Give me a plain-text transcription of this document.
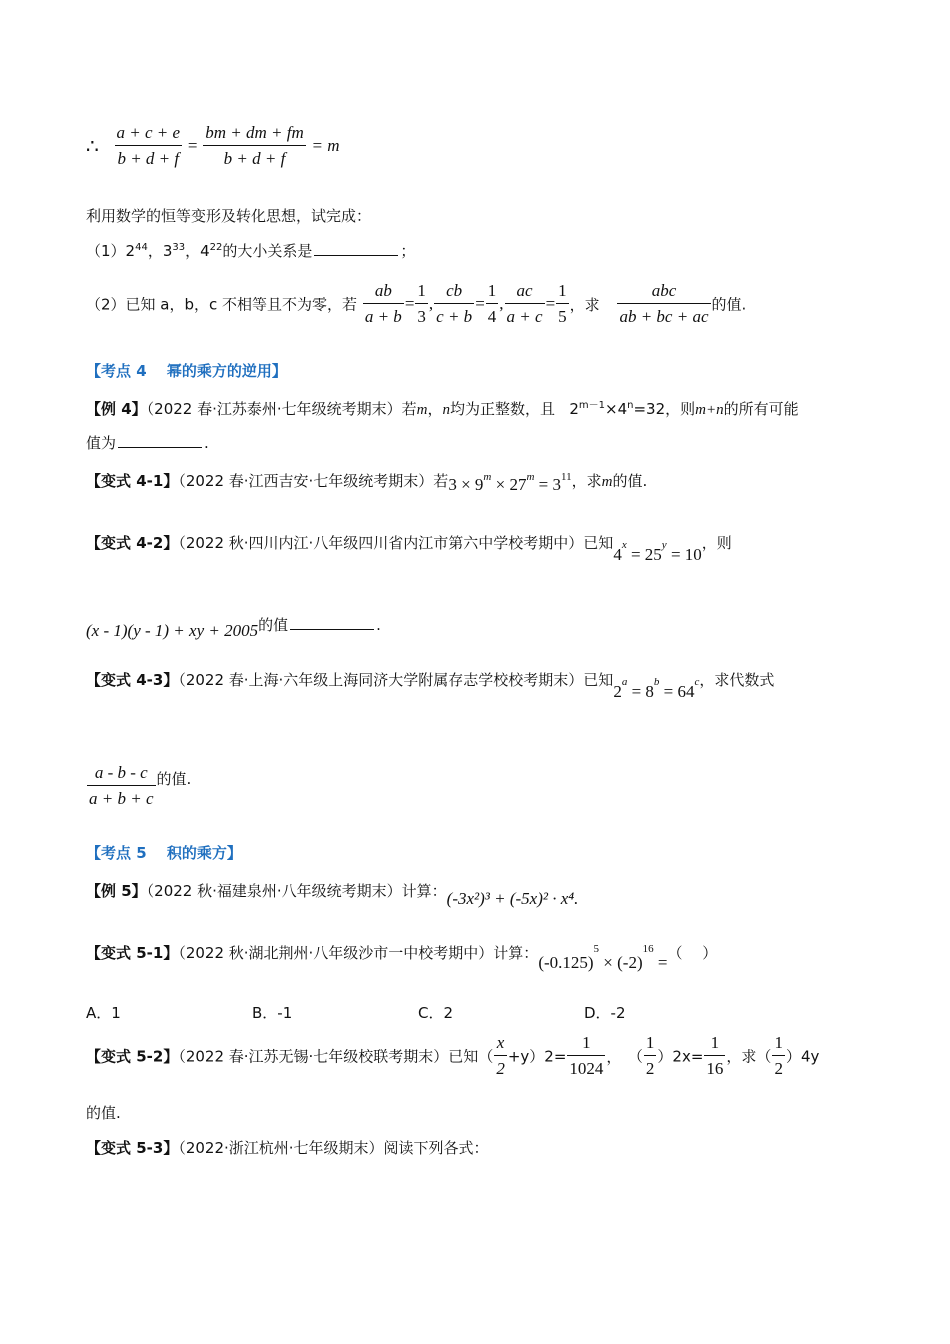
∴ $\frac{a + c + e}{b + d + f} = \frac{bm + dm + fm}{b + d + f} = m$
利用数学的恒等变形及转化思想，试完成：
$(1)2^{44}$，$3^{33}$，$4^{22}$的大小关系是	；
（2）已知 a，b，c 不相等且不为零，若 $\frac{ab}{a + b} = \frac{1}{3}$ , $\frac{cb}{c + b} = \frac{1}{4}$ , $\frac{ac}{a + c} = \frac{1}{5}$ ，求 $\frac{\text{abc}}{ab + bc + ac}$ 的值.
【考点 4　 幂的乘方的逆用】
【例 4】（2022 春·江苏泰州·七年级统考期末）若m，n均为正整数，且 $2^{m-1}\times 4^n=32$，则m+n的所有可能
值为	.
【变式 4-1】（2022 春·江西吉安·七年级统考期末）若$3 \times 9^m \times 27^m = 3^{11}$，求m的值.
【变式 4-2】（2022 秋·四川内江·八年级四川省内江市第六中学校考期中）已知$4^x = 25^y = 10$，则
(x - 1)(y - 1) + xy + 2005的值	.
【变式 4-3】（2022 春·上海·六年级上海同济大学附属存志学校校考期末）已知$2^a = 8^b = 64^c$，求代数式
$\frac{a - b - c}{a + b + c}$ 的值.
【考点 5　 积的乘方】
【例 5】（2022 秋·福建泉州·八年级统考期末）计算：(-3x²)³ + (-5x)² · x⁴.
【变式 5-1】（2022 秋·湖北荆州·八年级沙市一中校考期中）计算：$(-0.125)^5 \times (-2)^{16}$ =（　 ）
A．1	B．-1	C．2	D．-2
【变式 5-2】（2022 春·江苏无锡·七年级校联考期末）已知（ $\frac{x}{2} +y)2= \frac{1}{1024}$ ， （ $\frac{1}{2} )2x= \frac{1}{16}$ ，求（ $\frac{1}{2} )4y$
的值.
【变式 5-3】（2022·浙江杭州·七年级期末）阅读下列各式：
